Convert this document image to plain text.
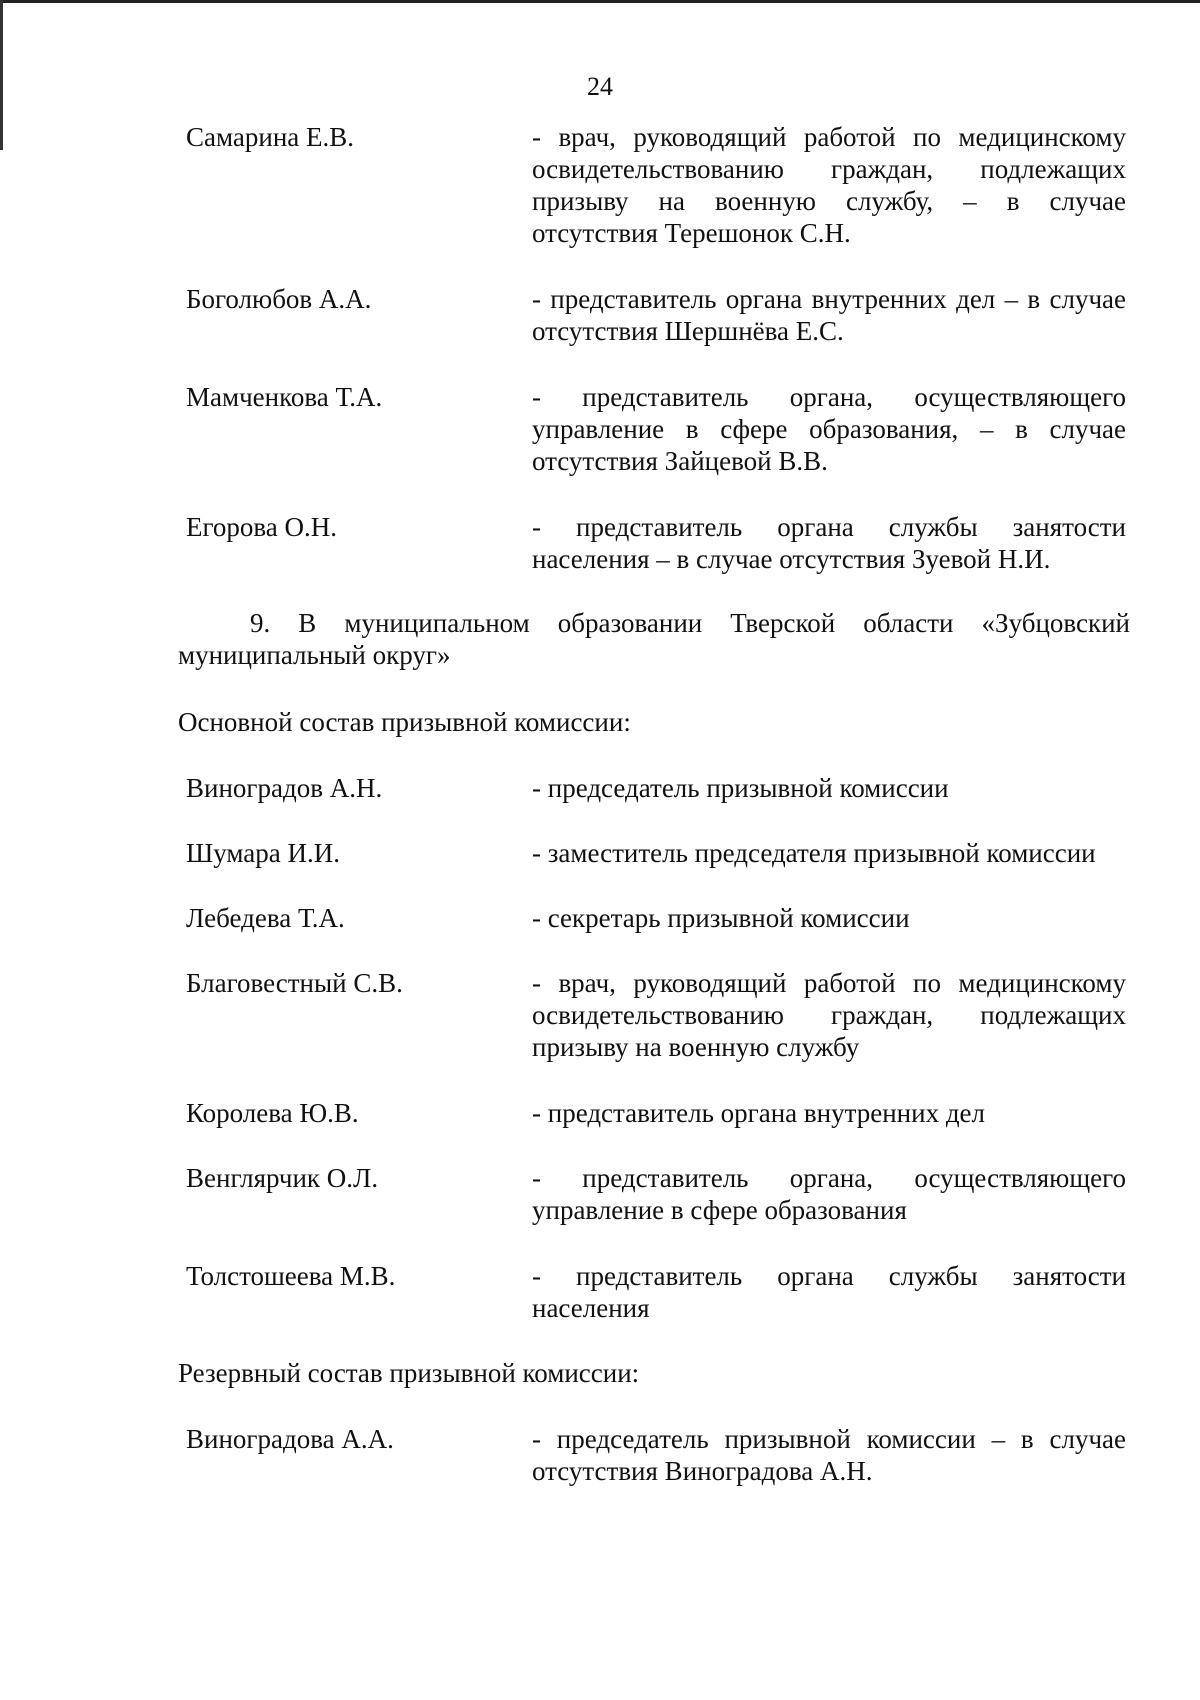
24
Самарина Е.В.	- врач, руководящий работой по медицинскому
освидетельствованию граждан, подлежащих
призыву на военную службу, – в случае
отсутствия Терешонок С.Н.
Боголюбов А.А.	- представитель органа внутренних дел – в случае
отсутствия Шершнёва Е.С.
Мамченкова Т.А.	- представитель органа, осуществляющего
управление в сфере образования, – в случае
отсутствия Зайцевой В.В.
Егорова О.Н.	- представитель органа службы занятости
населения – в случае отсутствия Зуевой Н.И.
9. В муниципальном образовании Тверской области «Зубцовский
муниципальный округ»
Основной состав призывной комиссии:
Виноградов А.Н.	- председатель призывной комиссии
Шумара И.И.	- заместитель председателя призывной комиссии
Лебедева Т.А.	- секретарь призывной комиссии
Благовестный С.В.	- врач, руководящий работой по медицинскому
освидетельствованию граждан, подлежащих
призыву на военную службу
Королева Ю.В.	- представитель органа внутренних дел
Венглярчик О.Л.	- представитель органа, осуществляющего
управление в сфере образования
Толстошеева М.В.	- представитель органа службы занятости
населения
Резервный состав призывной комиссии:
Виноградова А.А.	- председатель призывной комиссии – в случае
отсутствия Виноградова А.Н.
